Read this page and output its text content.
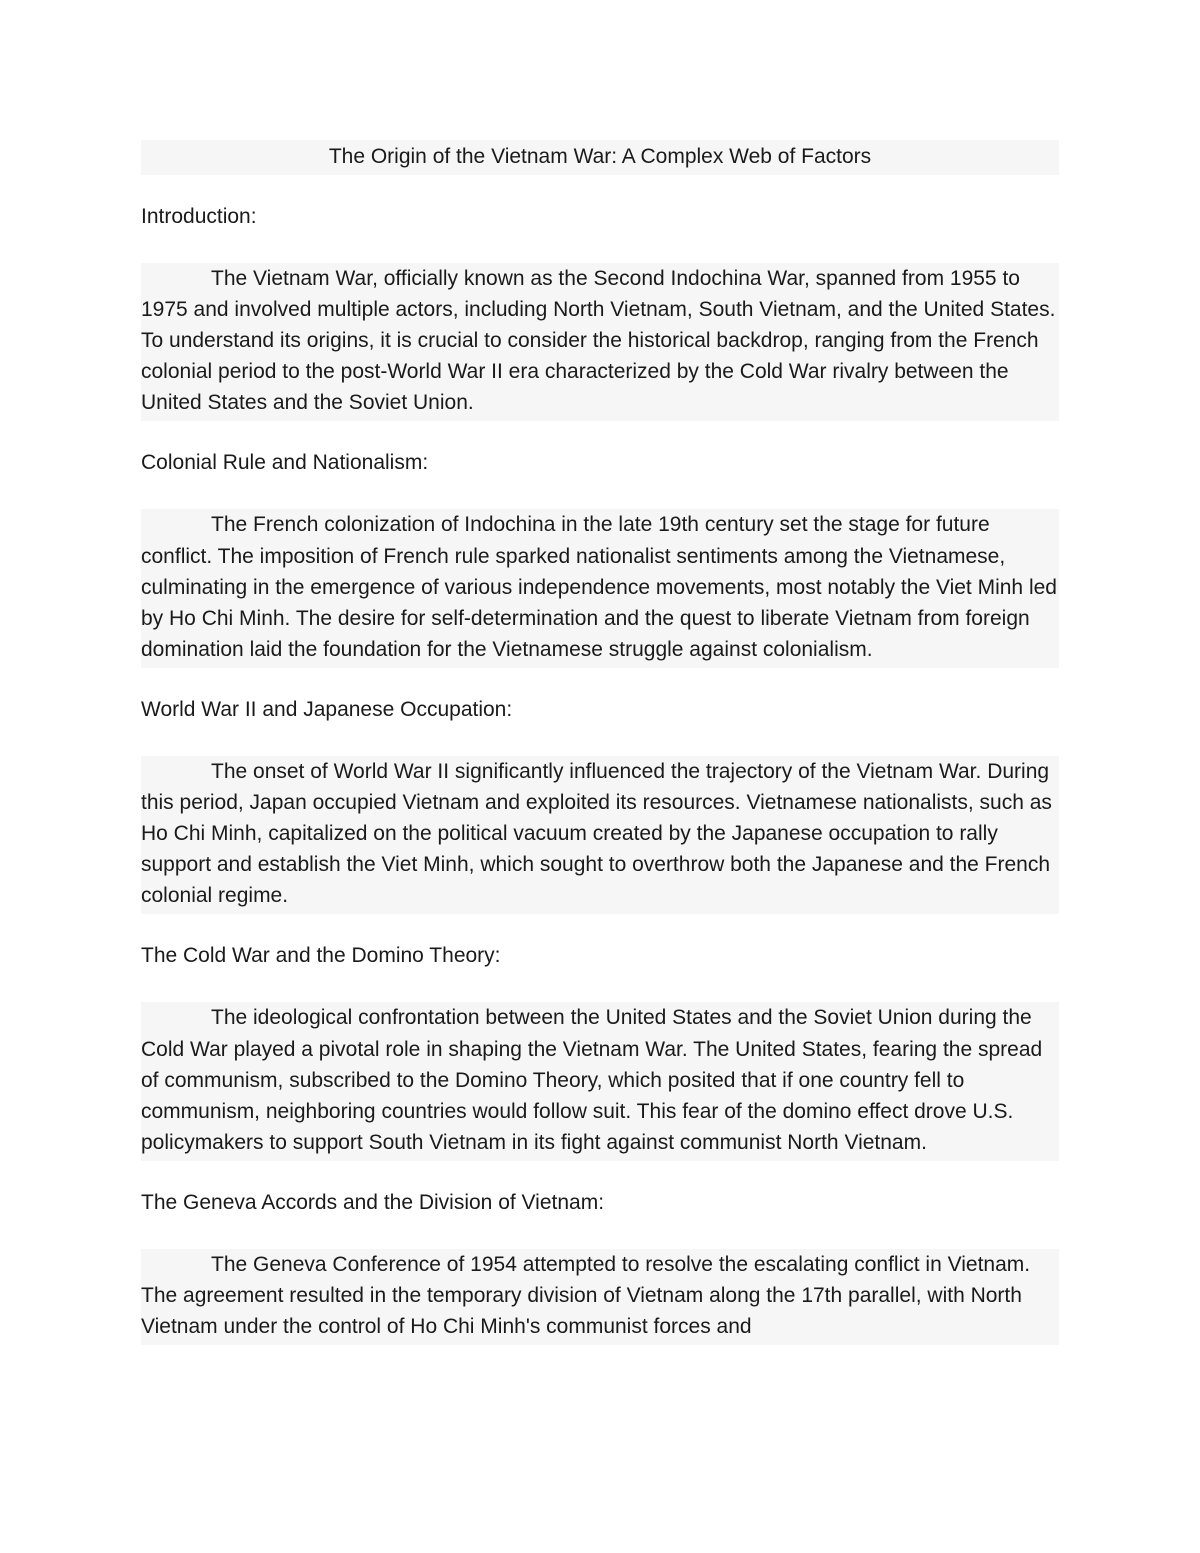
The Origin of the Vietnam War: A Complex Web of Factors

Introduction:

The Vietnam War, officially known as the Second Indochina War, spanned from 1955 to 1975 and involved multiple actors, including North Vietnam, South Vietnam, and the United States. To understand its origins, it is crucial to consider the historical backdrop, ranging from the French colonial period to the post-World War II era characterized by the Cold War rivalry between the United States and the Soviet Union.

Colonial Rule and Nationalism:

The French colonization of Indochina in the late 19th century set the stage for future conflict. The imposition of French rule sparked nationalist sentiments among the Vietnamese, culminating in the emergence of various independence movements, most notably the Viet Minh led by Ho Chi Minh. The desire for self-determination and the quest to liberate Vietnam from foreign domination laid the foundation for the Vietnamese struggle against colonialism.

World War II and Japanese Occupation:

The onset of World War II significantly influenced the trajectory of the Vietnam War. During this period, Japan occupied Vietnam and exploited its resources. Vietnamese nationalists, such as Ho Chi Minh, capitalized on the political vacuum created by the Japanese occupation to rally support and establish the Viet Minh, which sought to overthrow both the Japanese and the French colonial regime.

The Cold War and the Domino Theory:

The ideological confrontation between the United States and the Soviet Union during the Cold War played a pivotal role in shaping the Vietnam War. The United States, fearing the spread of communism, subscribed to the Domino Theory, which posited that if one country fell to communism, neighboring countries would follow suit. This fear of the domino effect drove U.S. policymakers to support South Vietnam in its fight against communist North Vietnam.

The Geneva Accords and the Division of Vietnam:

The Geneva Conference of 1954 attempted to resolve the escalating conflict in Vietnam. The agreement resulted in the temporary division of Vietnam along the 17th parallel, with North Vietnam under the control of Ho Chi Minh's communist forces and
